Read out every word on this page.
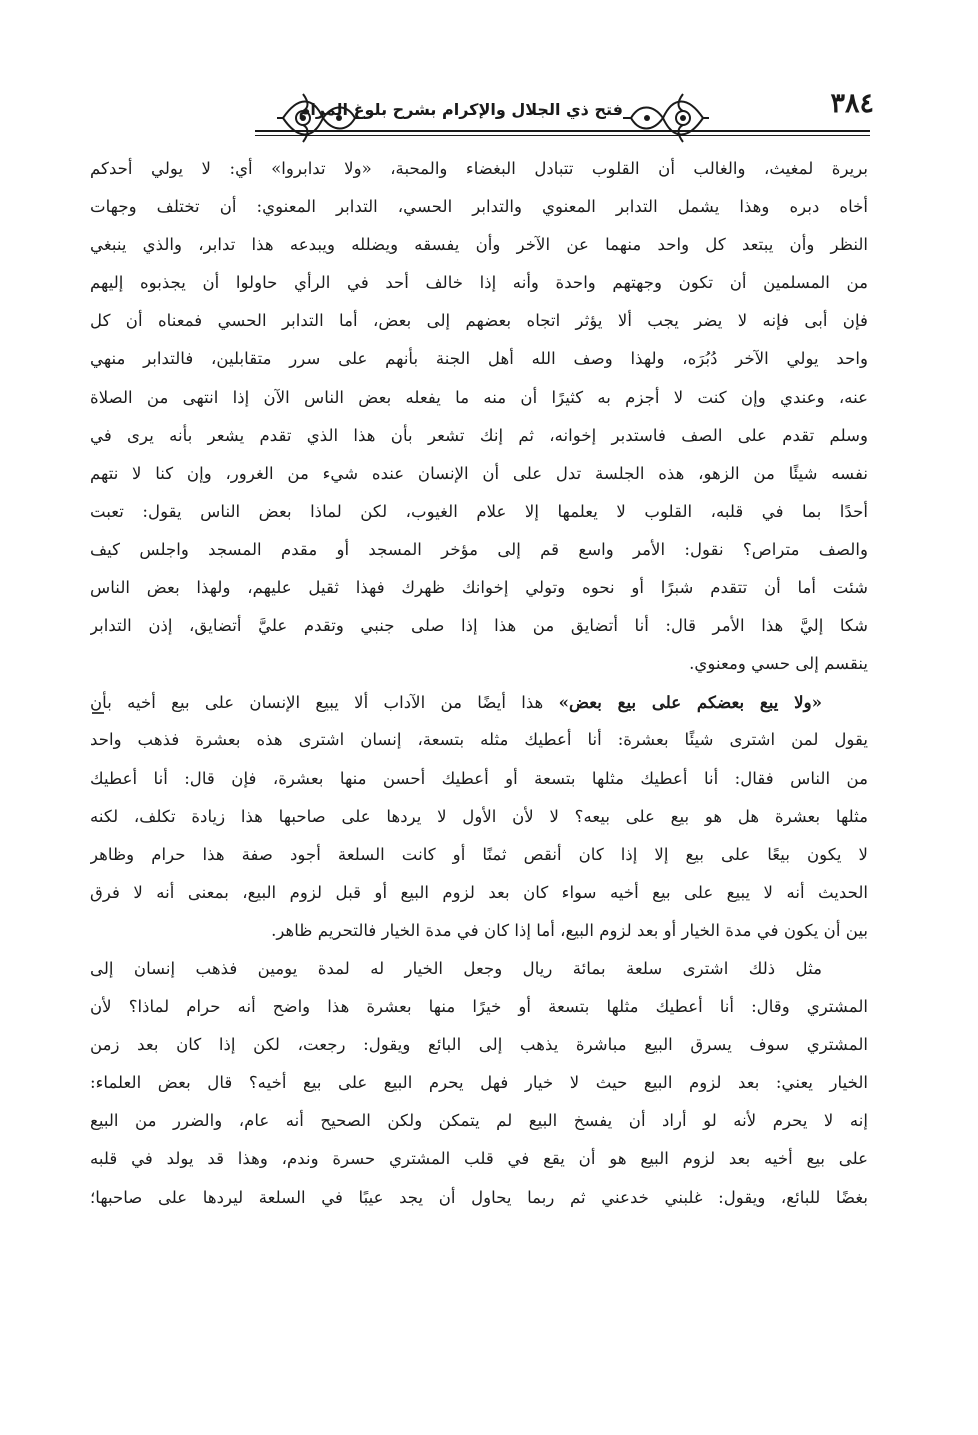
٣٨٤
فتح ذي الجلال والإكرام بشرح بلوغ المرام
بريرة لمغيث، والغالب أن القلوب تتبادل البغضاء والمحبة، «ولا تدابروا» أي: لا يولي أحدكم
أخاه دبره وهذا يشمل التدابر المعنوي والتدابر الحسي، التدابر المعنوي: أن تختلف وجهات
النظر وأن يبتعد كل واحد منهما عن الآخر وأن يفسقه ويضلله ويبدعه هذا تدابر، والذي ينبغي
من المسلمين أن تكون وجهتهم واحدة وأنه إذا خالف أحد في الرأي حاولوا أن يجذبوه إليهم
فإن أبى فإنه لا يضر يجب ألا يؤثر اتجاه بعضهم إلى بعض، أما التدابر الحسي فمعناه أن كل
واحد يولي الآخر دُبُرَه، ولهذا وصف الله أهل الجنة بأنهم على سرر متقابلين، فالتدابر منهي
عنه، وعندي وإن كنت لا أجزم به كثيرًا أن منه ما يفعله بعض الناس الآن إذا انتهى من الصلاة
وسلم تقدم على الصف فاستدبر إخوانه، ثم إنك تشعر بأن هذا الذي تقدم يشعر بأنه يرى في
نفسه شيئًا من الزهو، هذه الجلسة تدل على أن الإنسان عنده شيء من الغرور، وإن كنا لا نتهم
أحدًا بما في قلبه، القلوب لا يعلمها إلا علام الغيوب، لكن لماذا بعض الناس يقول: تعبت
والصف متراص؟ نقول: الأمر واسع قم إلى مؤخر المسجد أو مقدم المسجد واجلس كيف
شئت أما أن تتقدم شبرًا أو نحوه وتولي إخوانك ظهرك فهذا ثقيل عليهم، ولهذا بعض الناس
شكا إليَّ هذا الأمر قال: أنا أتضايق من هذا إذا صلى جنبي وتقدم عليَّ أتضايق، إذن التدابر
ينقسم إلى حسي ومعنوي.
«ولا يبع بعضكم على بيع بعض» هذا أيضًا من الآداب ألا يبيع الإنسان على بيع أخيه بأن
يقول لمن اشترى شيئًا بعشرة: أنا أعطيك مثله بتسعة، إنسان اشترى هذه بعشرة فذهب واحد
من الناس فقال: أنا أعطيك مثلها بتسعة أو أعطيك أحسن منها بعشرة، فإن قال: أنا أعطيك
مثلها بعشرة هل هو بيع على بيعه؟ لا لأن الأول لا يردها على صاحبها هذا زيادة تكلف، لكنه
لا يكون بيعًا على بيع إلا إذا كان أنقص ثمنًا أو كانت السلعة أجود صفة هذا حرام وظاهر
الحديث أنه لا يبيع على بيع أخيه سواء كان بعد لزوم البيع أو قبل لزوم البيع، بمعنى أنه لا فرق
بين أن يكون في مدة الخيار أو بعد لزوم البيع، أما إذا كان في مدة الخيار فالتحريم ظاهر.
مثل ذلك اشترى سلعة بمائة ريال وجعل الخيار له لمدة يومين فذهب إنسان إلى
المشتري وقال: أنا أعطيك مثلها بتسعة أو خيرًا منها بعشرة هذا واضح أنه حرام لماذا؟ لأن
المشتري سوف يسرق البيع مباشرة يذهب إلى البائع ويقول: رجعت، لكن إذا كان بعد زمن
الخيار يعني: بعد لزوم البيع حيث لا خيار فهل يحرم البيع على بيع أخيه؟ قال بعض العلماء:
إنه لا يحرم لأنه لو أراد أن يفسخ البيع لم يتمكن ولكن الصحيح أنه عام، والضرر من البيع
على بيع أخيه بعد لزوم البيع هو أن يقع في قلب المشتري حسرة وندم، وهذا قد يولد في قلبه
بغضًا للبائع، ويقول: غلبني خدعني ثم ربما يحاول أن يجد عيبًا في السلعة ليردها على صاحبها؛
